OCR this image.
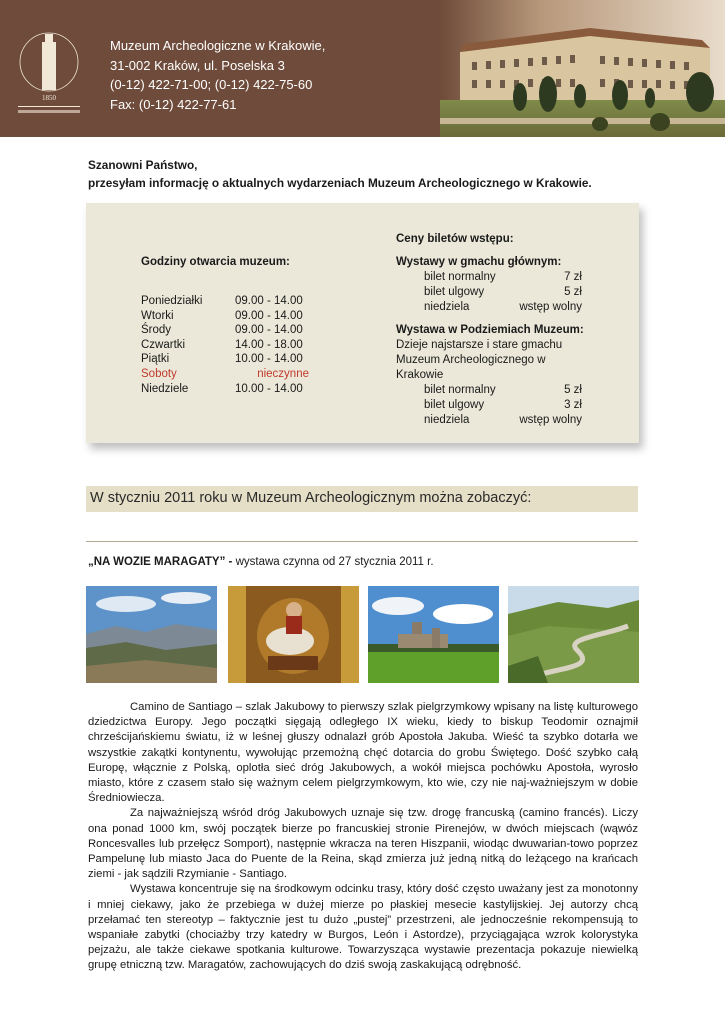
1850
Muzeum Archeologiczne w Krakowie,
31-002 Kraków, ul. Poselska 3
(0-12) 422-71-00; (0-12) 422-75-60
Fax: (0-12) 422-77-61
Szanowni Państwo,
przesyłam informację o aktualnych wydarzeniach Muzeum Archeologicznego w Krakowie.
Godziny otwarcia muzeum:
Poniedziałki	09.00 - 14.00
Wtorki	09.00 - 14.00
Środy	09.00 - 14.00
Czwartki	14.00 - 18.00
Piątki	10.00 - 14.00
Soboty	nieczynne
Niedziele	10.00 - 14.00
Ceny biletów wstępu:
Wystawy w gmachu głównym:
bilet normalny	7 zł
bilet ulgowy	5 zł
niedziela	wstęp wolny
Wystawa w Podziemiach Muzeum:
Dzieje najstarsze i stare gmachu
Muzeum Archeologicznego w Krakowie
bilet normalny	5 zł
bilet ulgowy	3 zł
niedziela	wstęp wolny
W styczniu 2011 roku w Muzeum Archeologicznym można zobaczyć:
„NA WOZIE MARAGATY” - wystawa czynna od 27 stycznia 2011 r.

Camino de Santiago – szlak Jakubowy to pierwszy szlak pielgrzymkowy wpisany na listę kulturowego dziedzictwa Europy. Jego początki sięgają odległego IX wieku, kiedy to biskup Teodomir oznajmił chrześcijańskiemu światu, iż w leśnej głuszy odnalazł grób Apostoła Jakuba. Wieść ta szybko dotarła we wszystkie zakątki kontynentu, wywołując przemożną chęć dotarcia do grobu Świętego. Dość szybko całą Europę, włącznie z Polską, oplotła sieć dróg Jakubowych, a wokół miejsca pochówku Apostoła, wyrosło miasto, które z czasem stało się ważnym celem pielgrzymkowym, kto wie, czy nie naj-ważniejszym w dobie Średniowiecza.

Za najważniejszą wśród dróg Jakubowych uznaje się tzw. drogę francuską (camino francés). Liczy ona ponad 1000 km, swój początek bierze po francuskiej stronie Pirenejów, w dwóch miejscach (wąwóz Roncesvalles lub przełęcz Somport), następnie wkracza na teren Hiszpanii, wiodąc dwuwarian-towo poprzez Pampelunę lub miasto Jaca do Puente de la Reina, skąd zmierza już jedną nitką do leżącego na krańcach ziemi - jak sądzili Rzymianie - Santiago.

Wystawa koncentruje się na środkowym odcinku trasy, który dość często uważany jest za monotonny i mniej ciekawy, jako że przebiega w dużej mierze po płaskiej mesecie kastylijskiej. Jej autorzy chcą przełamać ten stereotyp – faktycznie jest tu dużo „pustej” przestrzeni, ale jednocześnie rekompensują to wspaniałe zabytki (chociażby trzy katedry w Burgos, León i Astordze), przyciągająca wzrok kolorystyka pejzażu, ale także ciekawe spotkania kulturowe. Towarzysząca wystawie prezentacja pokazuje niewielką grupę etniczną tzw. Maragatów, zachowujących do dziś swoją zaskakującą odrębność.
